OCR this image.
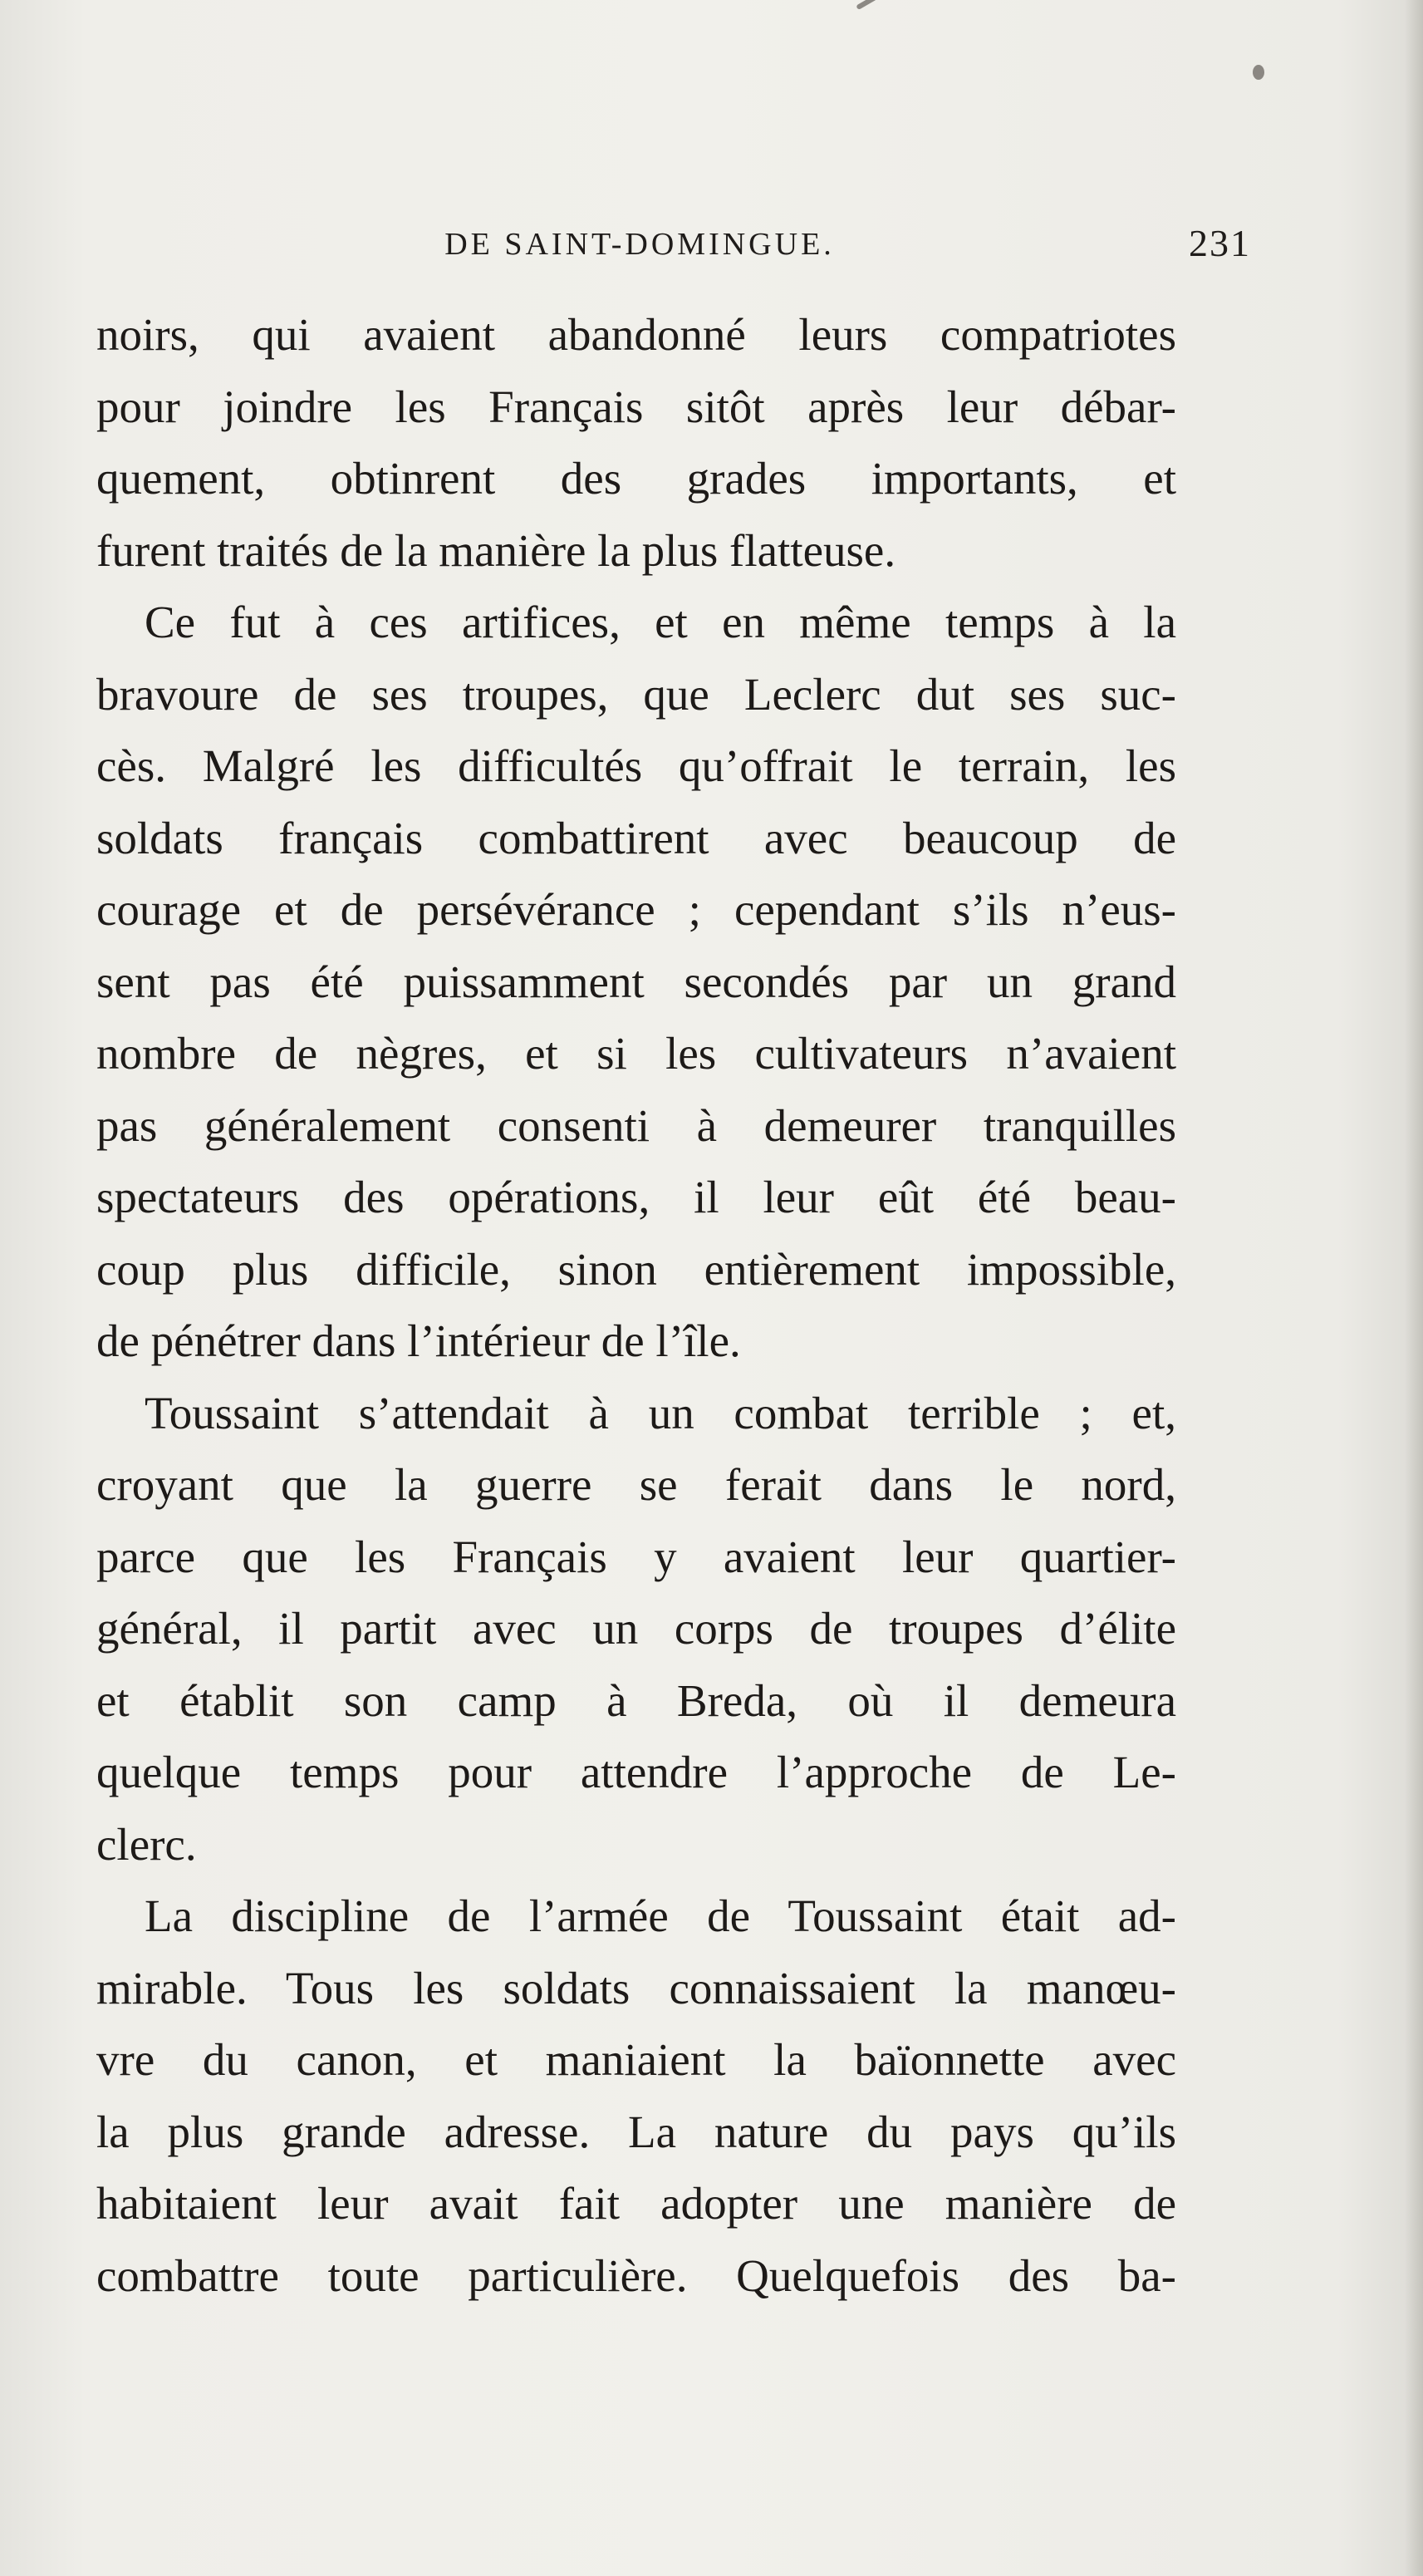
DE SAINT-DOMINGUE.	231
noirs, qui avaient abandonné leurs compatriotes
pour joindre les Français sitôt après leur débar-
quement, obtinrent des grades importants, et
furent traités de la manière la plus flatteuse.
Ce fut à ces artifices, et en même temps à la
bravoure de ses troupes, que Leclerc dut ses suc-
cès. Malgré les difficultés qu’offrait le terrain, les
soldats français combattirent avec beaucoup de
courage et de persévérance ; cependant s’ils n’eus-
sent pas été puissamment secondés par un grand
nombre de nègres, et si les cultivateurs n’avaient
pas généralement consenti à demeurer tranquilles
spectateurs des opérations, il leur eût été beau-
coup plus difficile, sinon entièrement impossible,
de pénétrer dans l’intérieur de l’île.
Toussaint s’attendait à un combat terrible ; et,
croyant que la guerre se ferait dans le nord,
parce que les Français y avaient leur quartier-
général, il partit avec un corps de troupes d’élite
et établit son camp à Breda, où il demeura
quelque temps pour attendre l’approche de Le-
clerc.
La discipline de l’armée de Toussaint était ad-
mirable. Tous les soldats connaissaient la manœu-
vre du canon, et maniaient la baïonnette avec
la plus grande adresse. La nature du pays qu’ils
habitaient leur avait fait adopter une manière de
combattre toute particulière. Quelquefois des ba-
